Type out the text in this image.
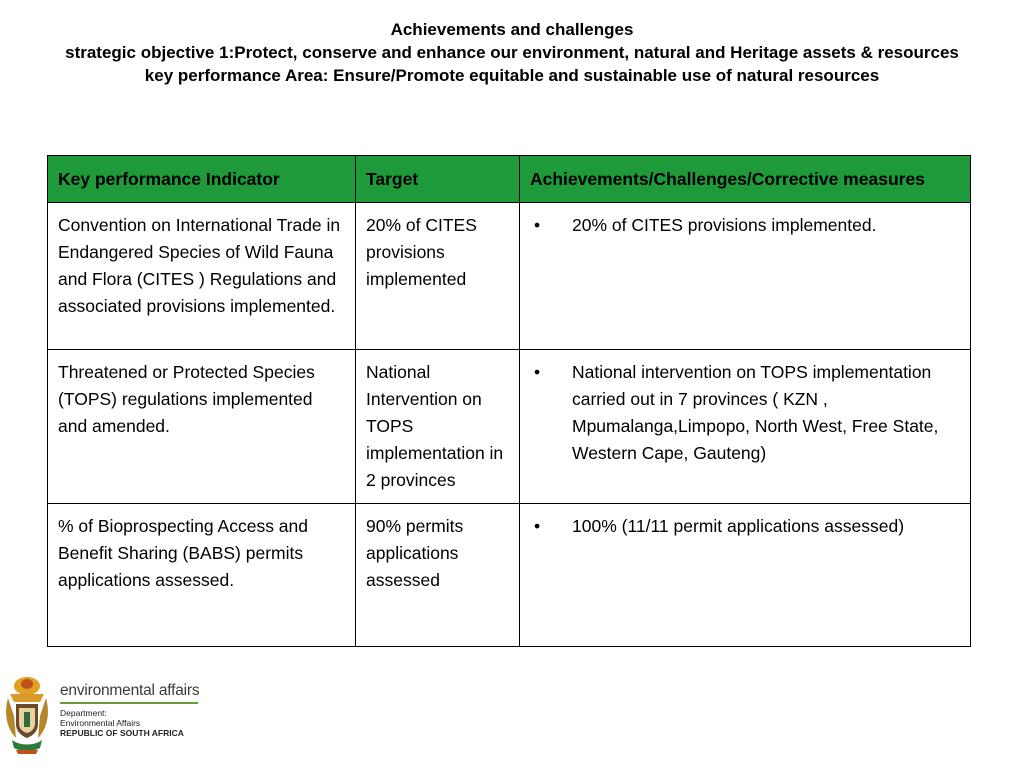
Achievements and challenges
strategic objective 1:Protect, conserve and enhance our environment, natural and Heritage assets & resources
key performance Area: Ensure/Promote equitable and sustainable use of natural resources
Key performance Indicator	Target	Achievements/Challenges/Corrective measures
Convention on International Trade in Endangered Species of Wild Fauna and Flora (CITES ) Regulations and associated provisions implemented.	20% of CITES provisions implemented	• 20% of CITES provisions implemented.

Threatened or Protected Species (TOPS) regulations implemented and amended.	National Intervention on TOPS implementation in 2 provinces	• National intervention on TOPS implementation carried out in 7 provinces ( KZN , Mpumalanga,Limpopo, North West, Free State, Western Cape, Gauteng)

% of Bioprospecting Access and Benefit Sharing (BABS) permits applications assessed.	90% permits applications assessed	• 100% (11/11 permit applications assessed)
environmental affairs
Department:
Environmental Affairs
REPUBLIC OF SOUTH AFRICA
